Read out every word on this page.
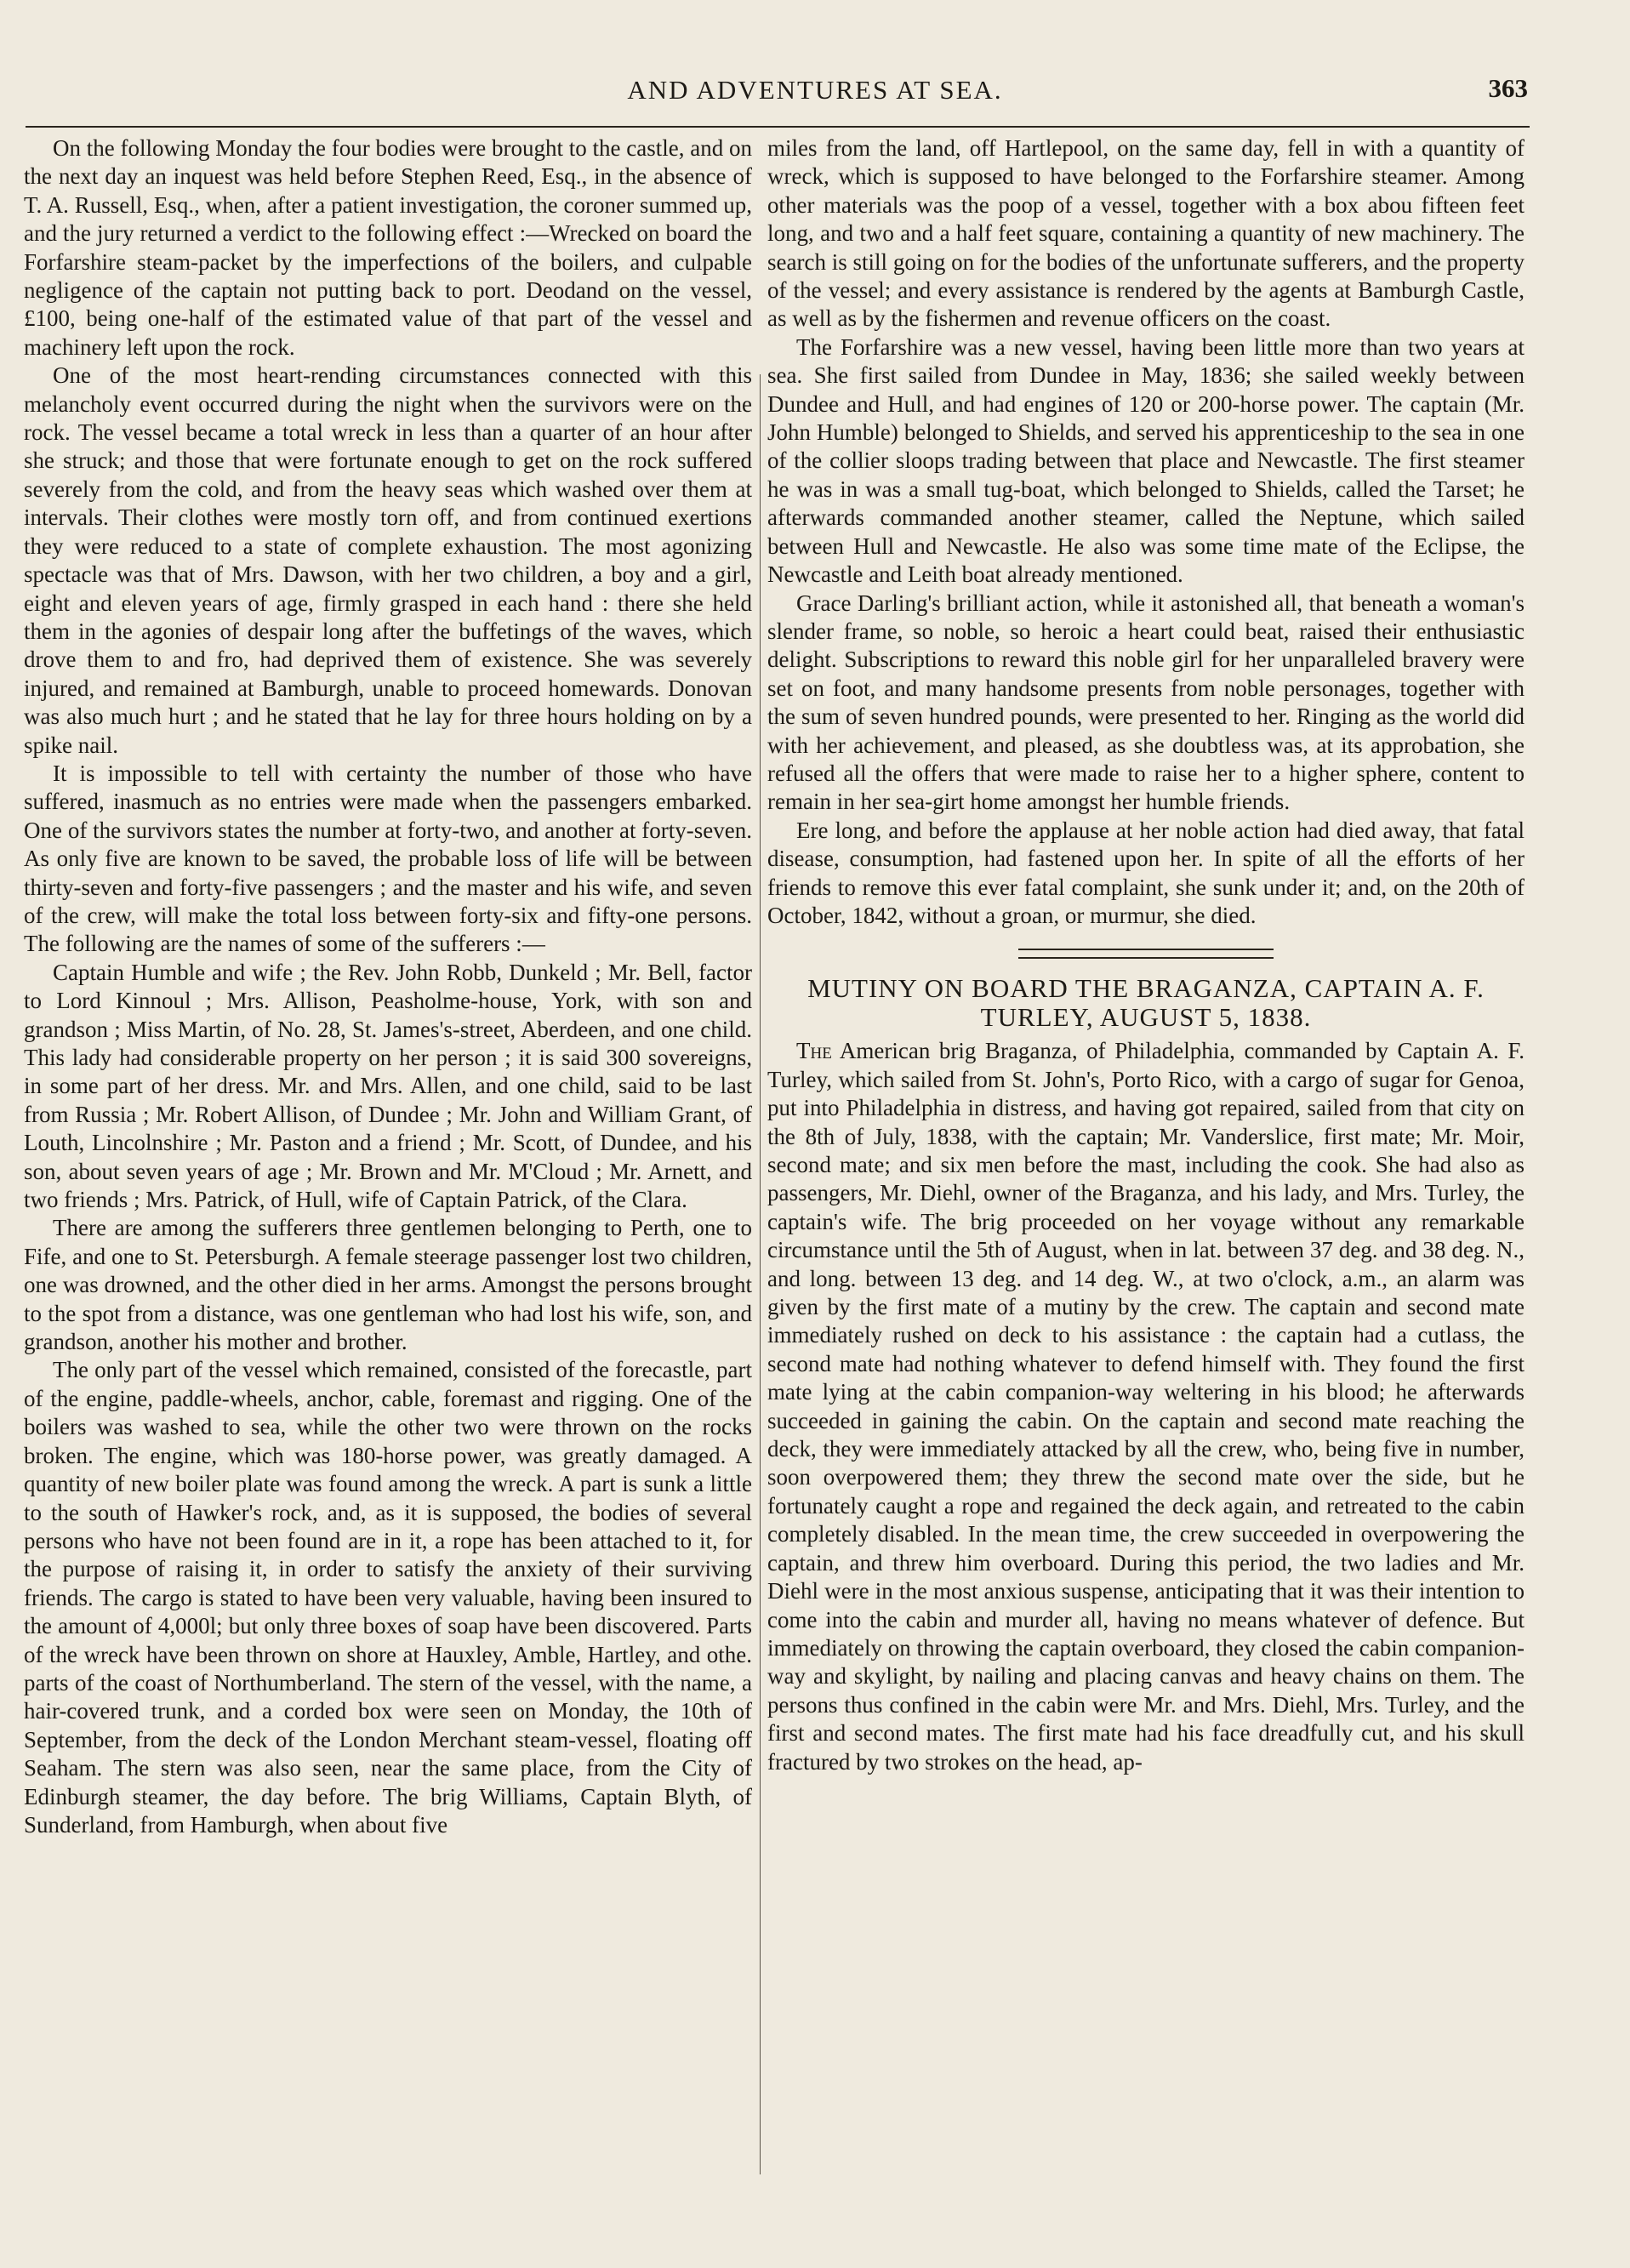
AND ADVENTURES AT SEA.	363

On the following Monday the four bodies were brought to the castle, and on the next day an inquest was held before Stephen Reed, Esq., in the absence of T. A. Russell, Esq., when, after a patient investigation, the coroner summed up, and the jury returned a verdict to the following effect :—Wrecked on board the Forfarshire steam-packet by the imperfections of the boilers, and culpable negligence of the captain not putting back to port. Deodand on the vessel, £100, being one-half of the estimated value of that part of the vessel and machinery left upon the rock.

One of the most heart-rending circumstances connected with this melancholy event occurred during the night when the survivors were on the rock. The vessel became a total wreck in less than a quarter of an hour after she struck; and those that were fortunate enough to get on the rock suffered severely from the cold, and from the heavy seas which washed over them at intervals. Their clothes were mostly torn off, and from continued exertions they were reduced to a state of complete exhaustion. The most agonizing spectacle was that of Mrs. Dawson, with her two children, a boy and a girl, eight and eleven years of age, firmly grasped in each hand : there she held them in the agonies of despair long after the buffetings of the waves, which drove them to and fro, had deprived them of existence. She was severely injured, and remained at Bamburgh, unable to proceed homewards. Donovan was also much hurt ; and he stated that he lay for three hours holding on by a spike nail.

It is impossible to tell with certainty the number of those who have suffered, inasmuch as no entries were made when the passengers embarked. One of the survivors states the number at forty-two, and another at forty-seven. As only five are known to be saved, the probable loss of life will be between thirty-seven and forty-five passengers ; and the master and his wife, and seven of the crew, will make the total loss between forty-six and fifty-one persons. The following are the names of some of the sufferers :—

Captain Humble and wife ; the Rev. John Robb, Dunkeld ; Mr. Bell, factor to Lord Kinnoul ; Mrs. Allison, Peasholme-house, York, with son and grandson ; Miss Martin, of No. 28, St. James's-street, Aberdeen, and one child. This lady had considerable property on her person ; it is said 300 sovereigns, in some part of her dress. Mr. and Mrs. Allen, and one child, said to be last from Russia ; Mr. Robert Allison, of Dundee ; Mr. John and William Grant, of Louth, Lincolnshire ; Mr. Paston and a friend ; Mr. Scott, of Dundee, and his son, about seven years of age ; Mr. Brown and Mr. M'Cloud ; Mr. Arnett, and two friends ; Mrs. Patrick, of Hull, wife of Captain Patrick, of the Clara.

There are among the sufferers three gentlemen belonging to Perth, one to Fife, and one to St. Petersburgh. A female steerage passenger lost two children, one was drowned, and the other died in her arms. Amongst the persons brought to the spot from a distance, was one gentleman who had lost his wife, son, and grandson, another his mother and brother.

The only part of the vessel which remained, consisted of the forecastle, part of the engine, paddle-wheels, anchor, cable, foremast and rigging. One of the boilers was washed to sea, while the other two were thrown on the rocks broken. The engine, which was 180-horse power, was greatly damaged. A quantity of new boiler plate was found among the wreck. A part is sunk a little to the south of Hawker's rock, and, as it is supposed, the bodies of several persons who have not been found are in it, a rope has been attached to it, for the purpose of raising it, in order to satisfy the anxiety of their surviving friends. The cargo is stated to have been very valuable, having been insured to the amount of 4,000l; but only three boxes of soap have been discovered. Parts of the wreck have been thrown on shore at Hauxley, Amble, Hartley, and othe. parts of the coast of Northumberland. The stern of the vessel, with the name, a hair-covered trunk, and a corded box were seen on Monday, the 10th of September, from the deck of the London Merchant steam-vessel, floating off Seaham. The stern was also seen, near the same place, from the City of Edinburgh steamer, the day before. The brig Williams, Captain Blyth, of Sunderland, from Hamburgh, when about five

miles from the land, off Hartlepool, on the same day, fell in with a quantity of wreck, which is supposed to have belonged to the Forfarshire steamer. Among other materials was the poop of a vessel, together with a box abou fifteen feet long, and two and a half feet square, containing a quantity of new machinery. The search is still going on for the bodies of the unfortunate sufferers, and the property of the vessel; and every assistance is rendered by the agents at Bamburgh Castle, as well as by the fishermen and revenue officers on the coast.

The Forfarshire was a new vessel, having been little more than two years at sea. She first sailed from Dundee in May, 1836; she sailed weekly between Dundee and Hull, and had engines of 120 or 200-horse power. The captain (Mr. John Humble) belonged to Shields, and served his apprenticeship to the sea in one of the collier sloops trading between that place and Newcastle. The first steamer he was in was a small tug-boat, which belonged to Shields, called the Tarset; he afterwards commanded another steamer, called the Neptune, which sailed between Hull and Newcastle. He also was some time mate of the Eclipse, the Newcastle and Leith boat already mentioned.

Grace Darling's brilliant action, while it astonished all, that beneath a woman's slender frame, so noble, so heroic a heart could beat, raised their enthusiastic delight. Subscriptions to reward this noble girl for her unparalleled bravery were set on foot, and many handsome presents from noble personages, together with the sum of seven hundred pounds, were presented to her. Ringing as the world did with her achievement, and pleased, as she doubtless was, at its approbation, she refused all the offers that were made to raise her to a higher sphere, content to remain in her sea-girt home amongst her humble friends.

Ere long, and before the applause at her noble action had died away, that fatal disease, consumption, had fastened upon her. In spite of all the efforts of her friends to remove this ever fatal complaint, she sunk under it; and, on the 20th of October, 1842, without a groan, or murmur, she died.

MUTINY ON BOARD THE BRAGANZA, CAPTAIN A. F. TURLEY, AUGUST 5, 1838.

The American brig Braganza, of Philadelphia, commanded by Captain A. F. Turley, which sailed from St. John's, Porto Rico, with a cargo of sugar for Genoa, put into Philadelphia in distress, and having got repaired, sailed from that city on the 8th of July, 1838, with the captain; Mr. Vanderslice, first mate; Mr. Moir, second mate; and six men before the mast, including the cook. She had also as passengers, Mr. Diehl, owner of the Braganza, and his lady, and Mrs. Turley, the captain's wife. The brig proceeded on her voyage without any remarkable circumstance until the 5th of August, when in lat. between 37 deg. and 38 deg. N., and long. between 13 deg. and 14 deg. W., at two o'clock, a.m., an alarm was given by the first mate of a mutiny by the crew. The captain and second mate immediately rushed on deck to his assistance : the captain had a cutlass, the second mate had nothing whatever to defend himself with. They found the first mate lying at the cabin companion-way weltering in his blood; he afterwards succeeded in gaining the cabin. On the captain and second mate reaching the deck, they were immediately attacked by all the crew, who, being five in number, soon overpowered them; they threw the second mate over the side, but he fortunately caught a rope and regained the deck again, and retreated to the cabin completely disabled. In the mean time, the crew succeeded in overpowering the captain, and threw him overboard. During this period, the two ladies and Mr. Diehl were in the most anxious suspense, anticipating that it was their intention to come into the cabin and murder all, having no means whatever of defence. But immediately on throwing the captain overboard, they closed the cabin companion-way and skylight, by nailing and placing canvas and heavy chains on them. The persons thus confined in the cabin were Mr. and Mrs. Diehl, Mrs. Turley, and the first and second mates. The first mate had his face dreadfully cut, and his skull fractured by two strokes on the head, ap-
